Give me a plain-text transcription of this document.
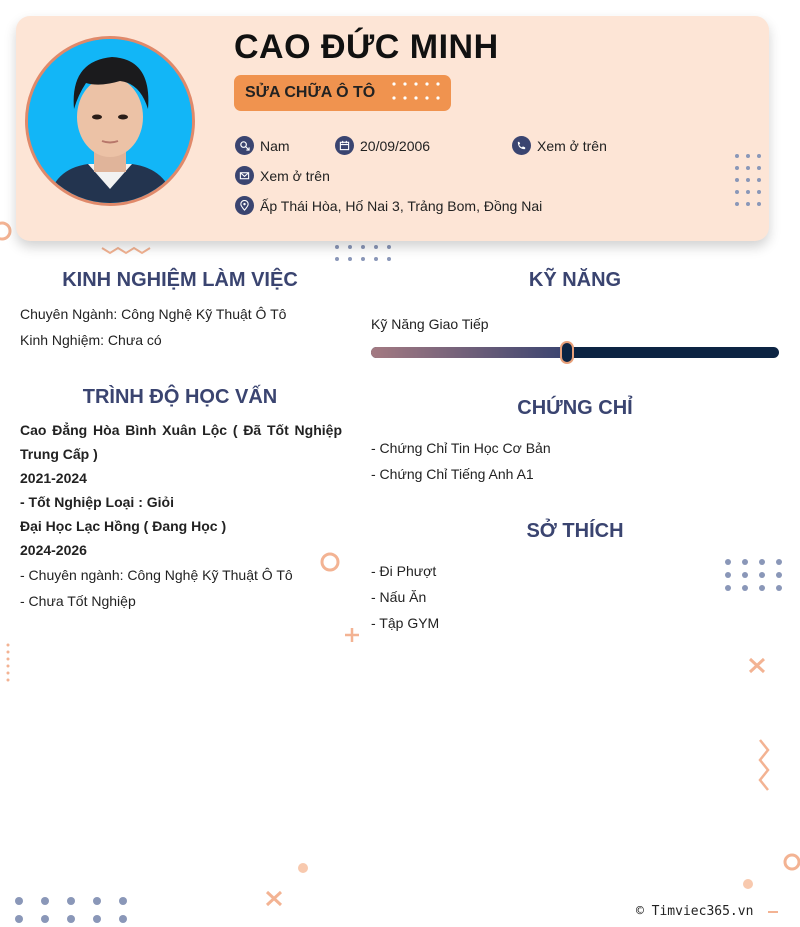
CAO ĐỨC MINH
SỬA CHỮA Ô TÔ
Nam	20/09/2006	Xem ở trên
Xem ở trên
Ấp Thái Hòa, Hố Nai 3, Trảng Bom, Đồng Nai
KINH NGHIỆM LÀM VIỆC
Chuyên Ngành: Công Nghệ Kỹ Thuật Ô Tô
Kinh Nghiệm: Chưa có
TRÌNH ĐỘ HỌC VẤN
Cao Đẳng Hòa Bình Xuân Lộc ( Đã Tốt Nghiệp
Trung Cấp )
2021-2024
- Tốt Nghiệp Loại : Giỏi
Đại Học Lạc Hồng ( Đang Học )
2024-2026
- Chuyên ngành: Công Nghệ Kỹ Thuật Ô Tô
- Chưa Tốt Nghiệp
KỸ NĂNG
Kỹ Năng Giao Tiếp
CHỨNG CHỈ
- Chứng Chỉ Tin Học Cơ Bản
- Chứng Chỉ Tiếng Anh A1
SỞ THÍCH
- Đi Phượt
- Nấu Ăn
- Tập GYM
© Timviec365.vn
